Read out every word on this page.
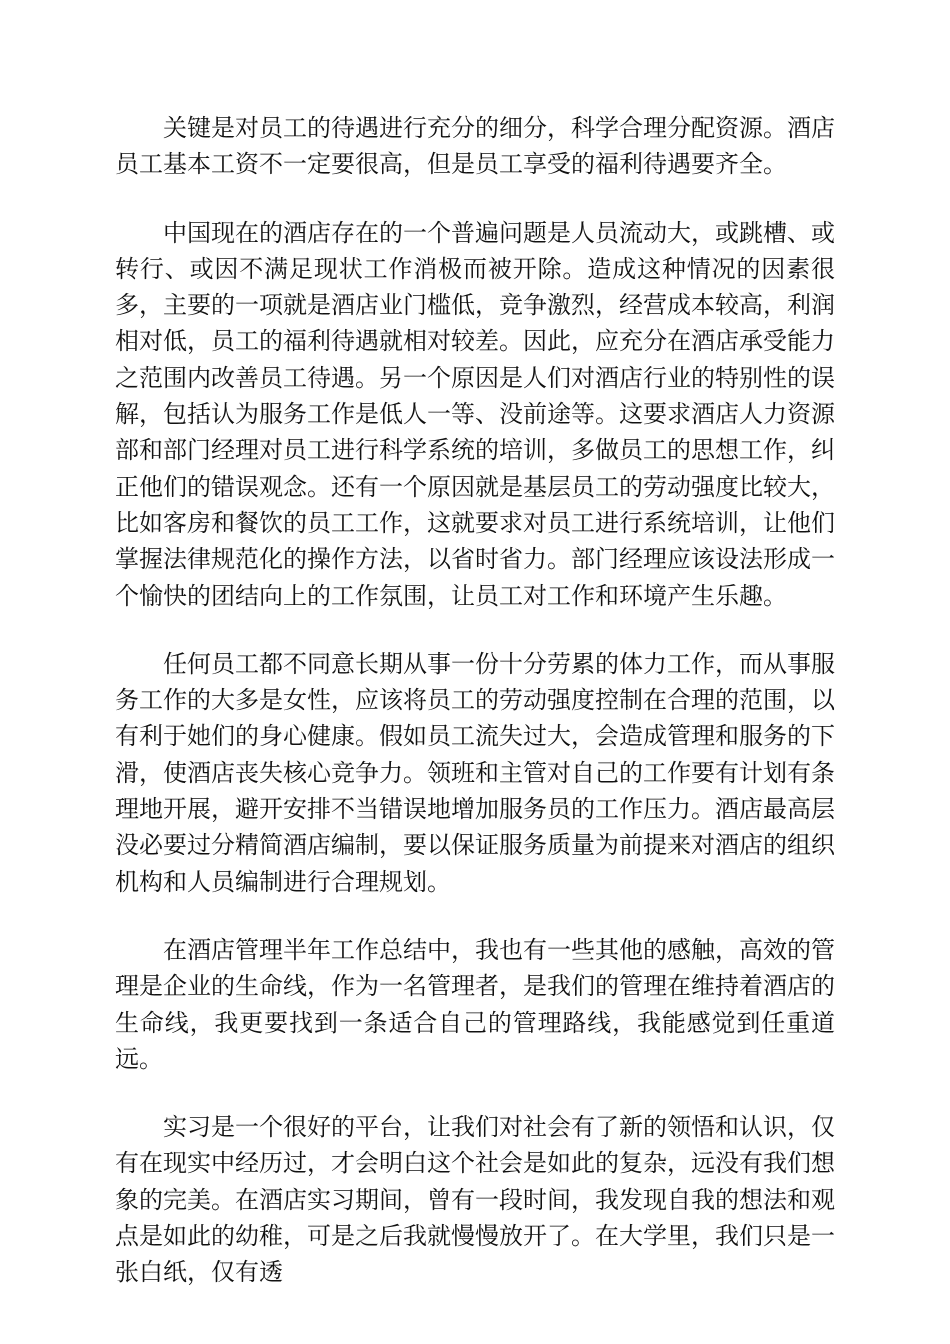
关键是对员工的待遇进行充分的细分，科学合理分配资源。酒店员工基本工资不一定要很高，但是员工享受的福利待遇要齐全。

中国现在的酒店存在的一个普遍问题是人员流动大，或跳槽、或转行、或因不满足现状工作消极而被开除。造成这种情况的因素很多，主要的一项就是酒店业门槛低，竞争激烈，经营成本较高，利润相对低，员工的福利待遇就相对较差。因此，应充分在酒店承受能力之范围内改善员工待遇。另一个原因是人们对酒店行业的特别性的误解，包括认为服务工作是低人一等、没前途等。这要求酒店人力资源部和部门经理对员工进行科学系统的培训，多做员工的思想工作，纠正他们的错误观念。还有一个原因就是基层员工的劳动强度比较大，比如客房和餐饮的员工工作，这就要求对员工进行系统培训，让他们掌握法律规范化的操作方法，以省时省力。部门经理应该设法形成一个愉快的团结向上的工作氛围，让员工对工作和环境产生乐趣。

任何员工都不同意长期从事一份十分劳累的体力工作，而从事服务工作的大多是女性，应该将员工的劳动强度控制在合理的范围，以有利于她们的身心健康。假如员工流失过大，会造成管理和服务的下滑，使酒店丧失核心竞争力。领班和主管对自己的工作要有计划有条理地开展，避开安排不当错误地增加服务员的工作压力。酒店最高层没必要过分精简酒店编制，要以保证服务质量为前提来对酒店的组织机构和人员编制进行合理规划。

在酒店管理半年工作总结中，我也有一些其他的感触，高效的管理是企业的生命线，作为一名管理者，是我们的管理在维持着酒店的生命线，我更要找到一条适合自己的管理路线，我能感觉到任重道远。

实习是一个很好的平台，让我们对社会有了新的领悟和认识，仅有在现实中经历过，才会明白这个社会是如此的复杂，远没有我们想象的完美。在酒店实习期间，曾有一段时间，我发现自我的想法和观点是如此的幼稚，可是之后我就慢慢放开了。在大学里，我们只是一张白纸，仅有透
